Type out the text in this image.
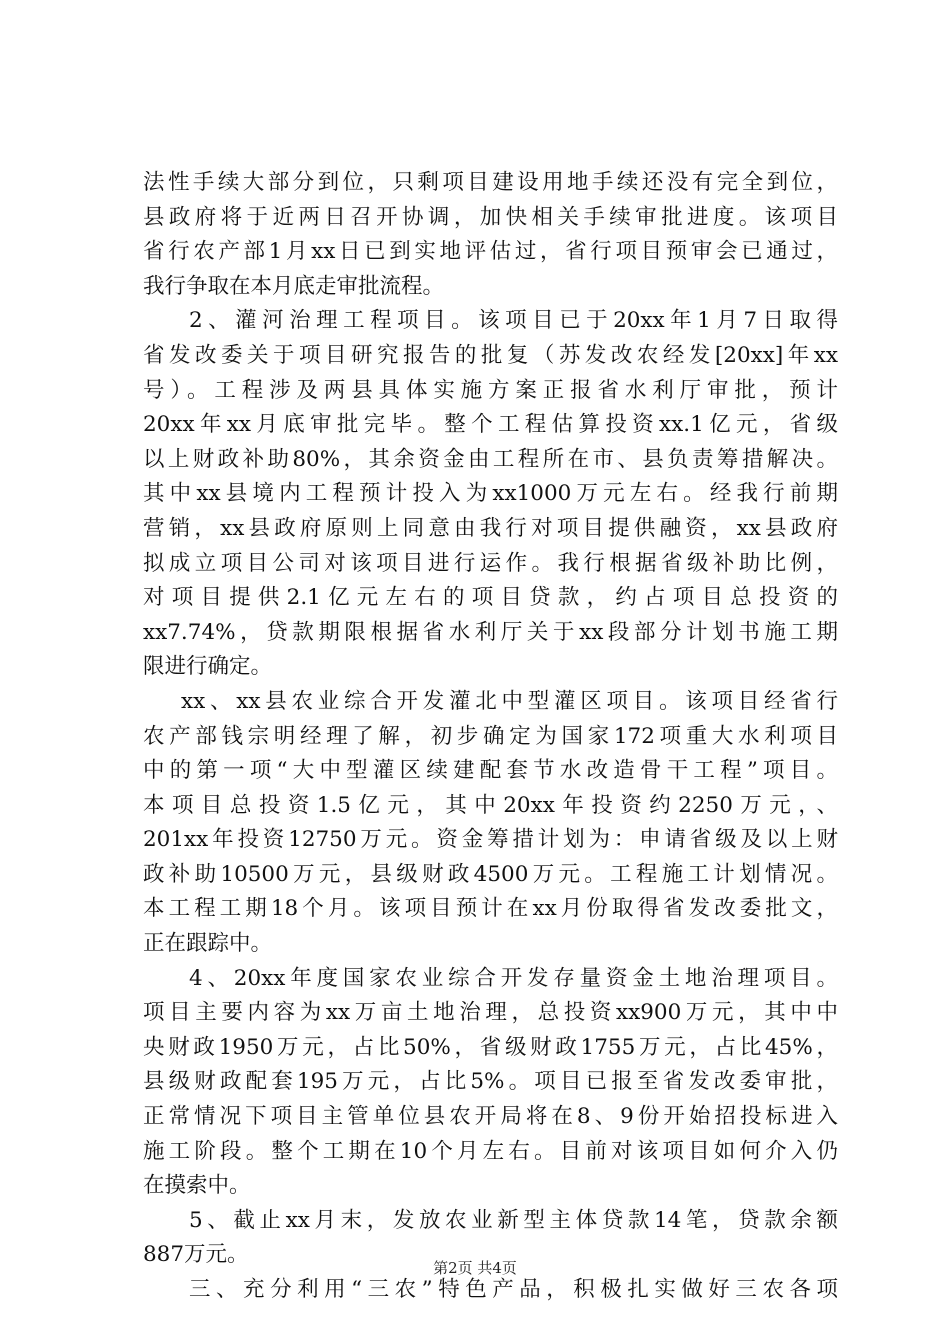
法性手续大部分到位，只剩项目建设用地手续还没有完全到位，
县政府将于近两日召开协调，加快相关手续审批进度。该项目
省行农产部1月xx日已到实地评估过，省行项目预审会已通过，
我行争取在本月底走审批流程。
2、灌河治理工程项目。该项目已于20xx年1月7日取得
省发改委关于项目研究报告的批复（苏发改农经发[20xx]年xx
号）。工程涉及两县具体实施方案正报省水利厅审批，预计
20xx年xx月底审批完毕。整个工程估算投资xx.1亿元，省级
以上财政补助80%，其余资金由工程所在市、县负责筹措解决。
其中xx县境内工程预计投入为xx1000万元左右。经我行前期
营销，xx县政府原则上同意由我行对项目提供融资，xx县政府
拟成立项目公司对该项目进行运作。我行根据省级补助比例，
对项目提供2.1亿元左右的项目贷款，约占项目总投资的
xx7.74%，贷款期限根据省水利厅关于xx段部分计划书施工期
限进行确定。
xx、xx县农业综合开发灌北中型灌区项目。该项目经省行
农产部钱宗明经理了解，初步确定为国家172项重大水利项目
中的第一项“大中型灌区续建配套节水改造骨干工程”项目。
本项目总投资1.5亿元，其中20xx年投资约2250万元，、
201xx年投资12750万元。资金筹措计划为：申请省级及以上财
政补助10500万元，县级财政4500万元。工程施工计划情况。
本工程工期18个月。该项目预计在xx月份取得省发改委批文，
正在跟踪中。
4、20xx年度国家农业综合开发存量资金土地治理项目。
项目主要内容为xx万亩土地治理，总投资xx900万元，其中中
央财政1950万元，占比50%，省级财政1755万元，占比45%，
县级财政配套195万元，占比5%。项目已报至省发改委审批，
正常情况下项目主管单位县农开局将在8、9份开始招投标进入
施工阶段。整个工期在10个月左右。目前对该项目如何介入仍
在摸索中。
5、截止xx月末，发放农业新型主体贷款14笔，贷款余额
887万元。
三、充分利用“三农”特色产品，积极扎实做好三农各项
第2页 共4页
